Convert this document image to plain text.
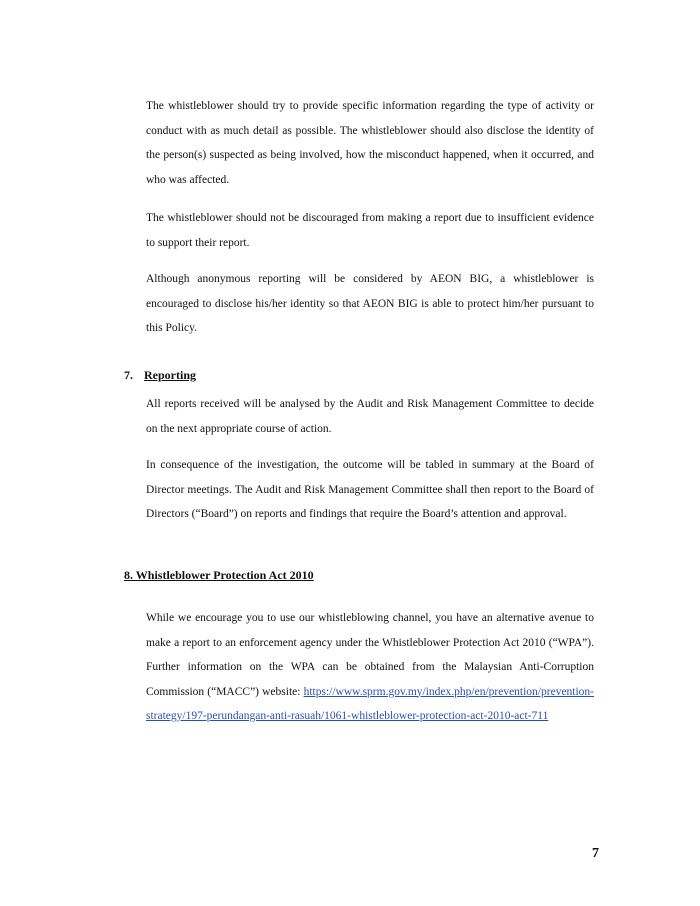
The whistleblower should try to provide specific information regarding the type of activity or conduct with as much detail as possible. The whistleblower should also disclose the identity of the person(s) suspected as being involved, how the misconduct happened, when it occurred, and who was affected.

The whistleblower should not be discouraged from making a report due to insufficient evidence to support their report.

Although anonymous reporting will be considered by AEON BIG, a whistleblower is encouraged to disclose his/her identity so that AEON BIG is able to protect him/her pursuant to this Policy.

7. Reporting

All reports received will be analysed by the Audit and Risk Management Committee to decide on the next appropriate course of action.

In consequence of the investigation, the outcome will be tabled in summary at the Board of Director meetings. The Audit and Risk Management Committee shall then report to the Board of Directors (“Board”) on reports and findings that require the Board’s attention and approval.

8. Whistleblower Protection Act 2010

While we encourage you to use our whistleblowing channel, you have an alternative avenue to make a report to an enforcement agency under the Whistleblower Protection Act 2010 (“WPA”). Further information on the WPA can be obtained from the Malaysian Anti-Corruption Commission (“MACC”) website: https://www.sprm.gov.my/index.php/en/prevention/prevention-strategy/197-perundangan-anti-rasuah/1061-whistleblower-protection-act-2010-act-711

7
